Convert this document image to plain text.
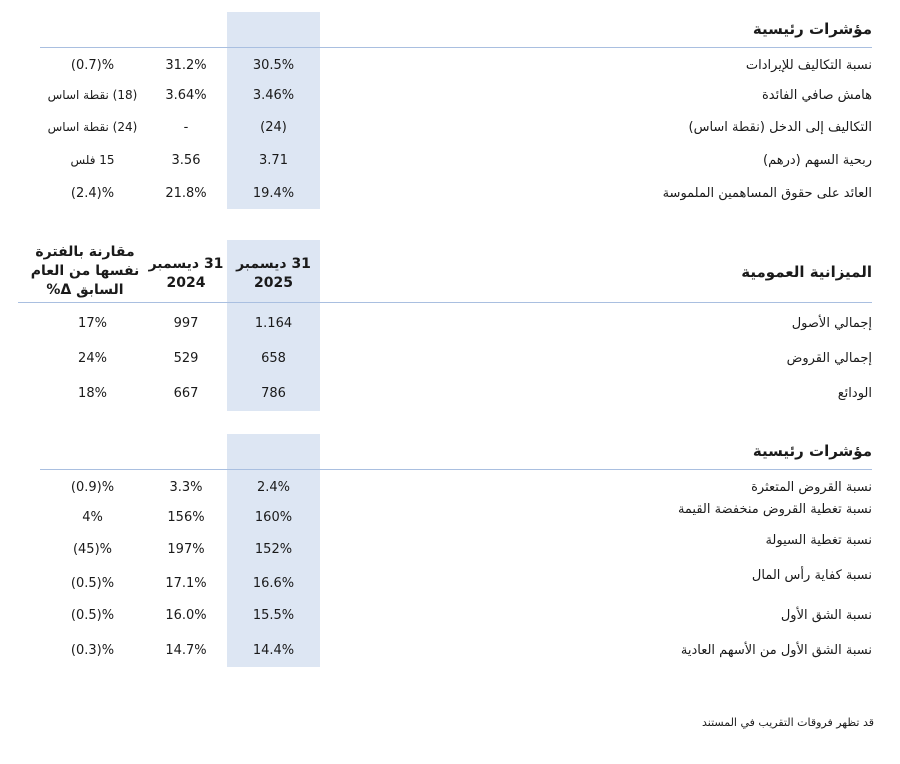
مؤشرات رئيسية
نسبة التكاليف للإيرادات
30.5%
31.2%
(0.7)%
هامش صافي الفائدة
3.46%
3.64%
(18) نقطة اساس
التكاليف إلى الدخل (نقطة اساس)
(24)
-
(24) نقطة اساس
ربحية السهم (درهم)
3.71
3.56
15 فلس
العائد على حقوق المساهمين الملموسة
19.4%
21.8%
(2.4)%
31 ديسمبر 2025
31 ديسمبر 2024
مقارنة بالفترة نفسها من العام السابق Δ%
الميزانية العمومية
إجمالي الأصول
1.164
997
17%
إجمالي القروض
658
529
24%
الودائع
786
667
18%
مؤشرات رئيسية
نسبة القروض المتعثرة
2.4%
3.3%
(0.9)%
نسبة تغطية القروض منخفضة القيمة
160%
156%
4%
نسبة تغطية السيولة
152%
197%
(45)%
نسبة كفاية رأس المال
16.6%
17.1%
(0.5)%
نسبة الشق الأول
15.5%
16.0%
(0.5)%
نسبة الشق الأول من الأسهم العادية
14.4%
14.7%
(0.3)%
قد تظهر فروقات التقريب في المستند
